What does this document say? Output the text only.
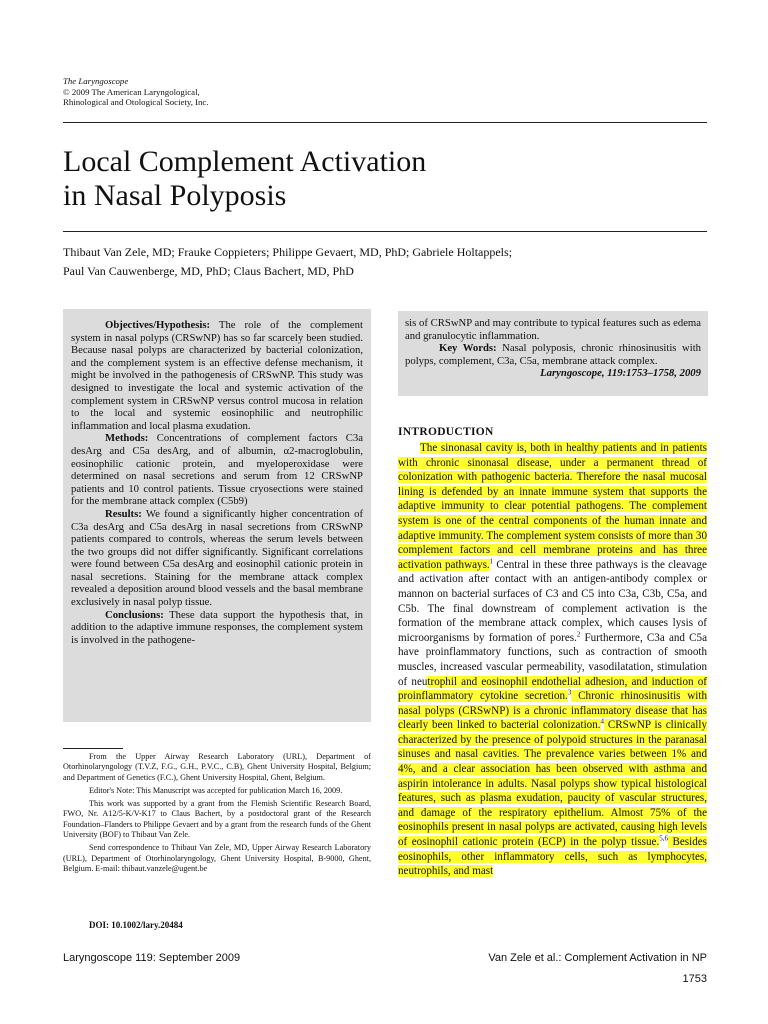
The Laryngoscope
© 2009 The American Laryngological,
Rhinological and Otological Society, Inc.
Local Complement Activation
in Nasal Polyposis
Thibaut Van Zele, MD; Frauke Coppieters; Philippe Gevaert, MD, PhD; Gabriele Holtappels;
Paul Van Cauwenberge, MD, PhD; Claus Bachert, MD, PhD

Objectives/Hypothesis: The role of the complement system in nasal polyps (CRSwNP) has so far scarcely been studied. Because nasal polyps are characterized by bacterial colonization, and the complement system is an effective defense mechanism, it might be involved in the pathogenesis of CRSwNP. This study was designed to investigate the local and systemic activation of the complement system in CRSwNP versus control mucosa in relation to the local and systemic eosinophilic and neutrophilic inflammation and local plasma exudation.

Methods: Concentrations of complement factors C3a desArg and C5a desArg, and of albumin, α2-macroglobulin, eosinophilic cationic protein, and myeloperoxidase were determined on nasal secretions and serum from 12 CRSwNP patients and 10 control patients. Tissue cryosections were stained for the membrane attack complex (C5b9)

Results: We found a significantly higher concentration of C3a desArg and C5a desArg in nasal secretions from CRSwNP patients compared to controls, whereas the serum levels between the two groups did not differ significantly. Significant correlations were found between C5a desArg and eosinophil cationic protein in nasal secretions. Staining for the membrane attack complex revealed a deposition around blood vessels and the basal membrane exclusively in nasal polyp tissue.

Conclusions: These data support the hypothesis that, in addition to the adaptive immune responses, the complement system is involved in the pathogene-

sis of CRSwNP and may contribute to typical features such as edema and granulocytic inflammation.

Key Words: Nasal polyposis, chronic rhinosinusitis with polyps, complement, C3a, C5a, membrane attack complex.

Laryngoscope, 119:1753–1758, 2009

From the Upper Airway Research Laboratory (URL), Department of Otorhinolaryngology (T.V.Z, F.G., G.H., P.V.C., C.B), Ghent University Hospital, Belgium; and Department of Genetics (F.C.), Ghent University Hospital, Ghent, Belgium.

Editor's Note: This Manuscript was accepted for publication March 16, 2009.

This work was supported by a grant from the Flemish Scientific Research Board, FWO, Nr. A12/5-K/V-K17 to Claus Bachert, by a postdoctoral grant of the Research Foundation–Flanders to Philippe Gevaert and by a grant from the research funds of the Ghent University (BOF) to Thibaut Van Zele.

Send correspondence to Thibaut Van Zele, MD, Upper Airway Research Laboratory (URL), Department of Otorhinolaryngology, Ghent University Hospital, B-9000, Ghent, Belgium. E-mail: thibaut.vanzele@ugent.be

DOI: 10.1002/lary.20484
INTRODUCTION

The sinonasal cavity is, both in healthy patients and in patients with chronic sinonasal disease, under a permanent thread of colonization with pathogenic bacteria. Therefore the nasal mucosal lining is defended by an innate immune system that supports the adaptive immunity to clear potential pathogens. The complement system is one of the central components of the human innate and adaptive immunity. The complement system consists of more than 30 complement factors and cell membrane proteins and has three activation pathways.$^1$ Central in these three pathways is the cleavage and activation after contact with an antigen-antibody complex or mannon on bacterial surfaces of C3 and C5 into C3a, C3b, C5a, and C5b. The final downstream of complement activation is the formation of the membrane attack complex, which causes lysis of microorganisms by formation of pores.$^2$ Furthermore, C3a and C5a have proinflammatory functions, such as contraction of smooth muscles, increased vascular permeability, vasodilatation, stimulation of neutrophil and eosinophil endothelial adhesion, and induction of proinflammatory cytokine secretion.$^3$ Chronic rhinosinusitis with nasal polyps (CRSwNP) is a chronic inflammatory disease that has clearly been linked to bacterial colonization.$^4$ CRSwNP is clinically characterized by the presence of polypoid structures in the paranasal sinuses and nasal cavities. The prevalence varies between 1% and 4%, and a clear association has been observed with asthma and aspirin intolerance in adults. Nasal polyps show typical histological features, such as plasma exudation, paucity of vascular structures, and damage of the respiratory epithelium. Almost 75% of the eosinophils present in nasal polyps are activated, causing high levels of eosinophil cationic protein (ECP) in the polyp tissue.$^{5,6}$ Besides eosinophils, other inflammatory cells, such as lymphocytes, neutrophils, and mast

Laryngoscope 119: September 2009	Van Zele et al.: Complement Activation in NP
1753
